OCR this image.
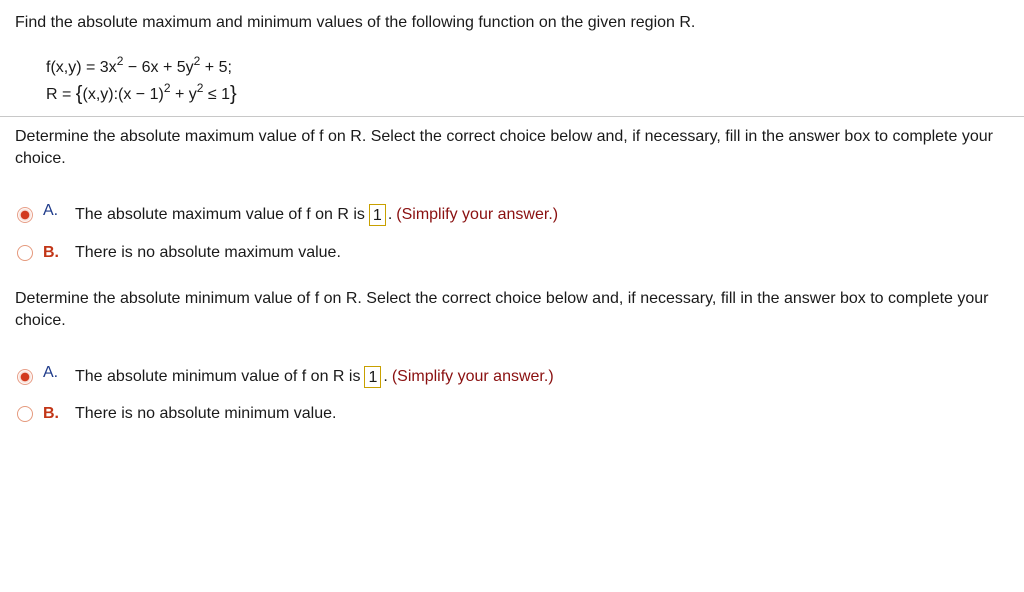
Find the absolute maximum and minimum values of the following function on the given region R.
$f(x,y) = 3x^2 - 6x + 5y^2 + 5$;
R = {(x,y):(x − $1)^2 + y^2 \le 1$}
Determine the absolute maximum value of f on R. Select the correct choice below and, if necessary, fill in the answer box to complete your choice.
A.	The absolute maximum value of f on R is 1 . (Simplify your answer.)
B.	There is no absolute maximum value.
Determine the absolute minimum value of f on R. Select the correct choice below and, if necessary, fill in the answer box to complete your choice.
A.	The absolute minimum value of f on R is 1 . (Simplify your answer.)
B.	There is no absolute minimum value.
